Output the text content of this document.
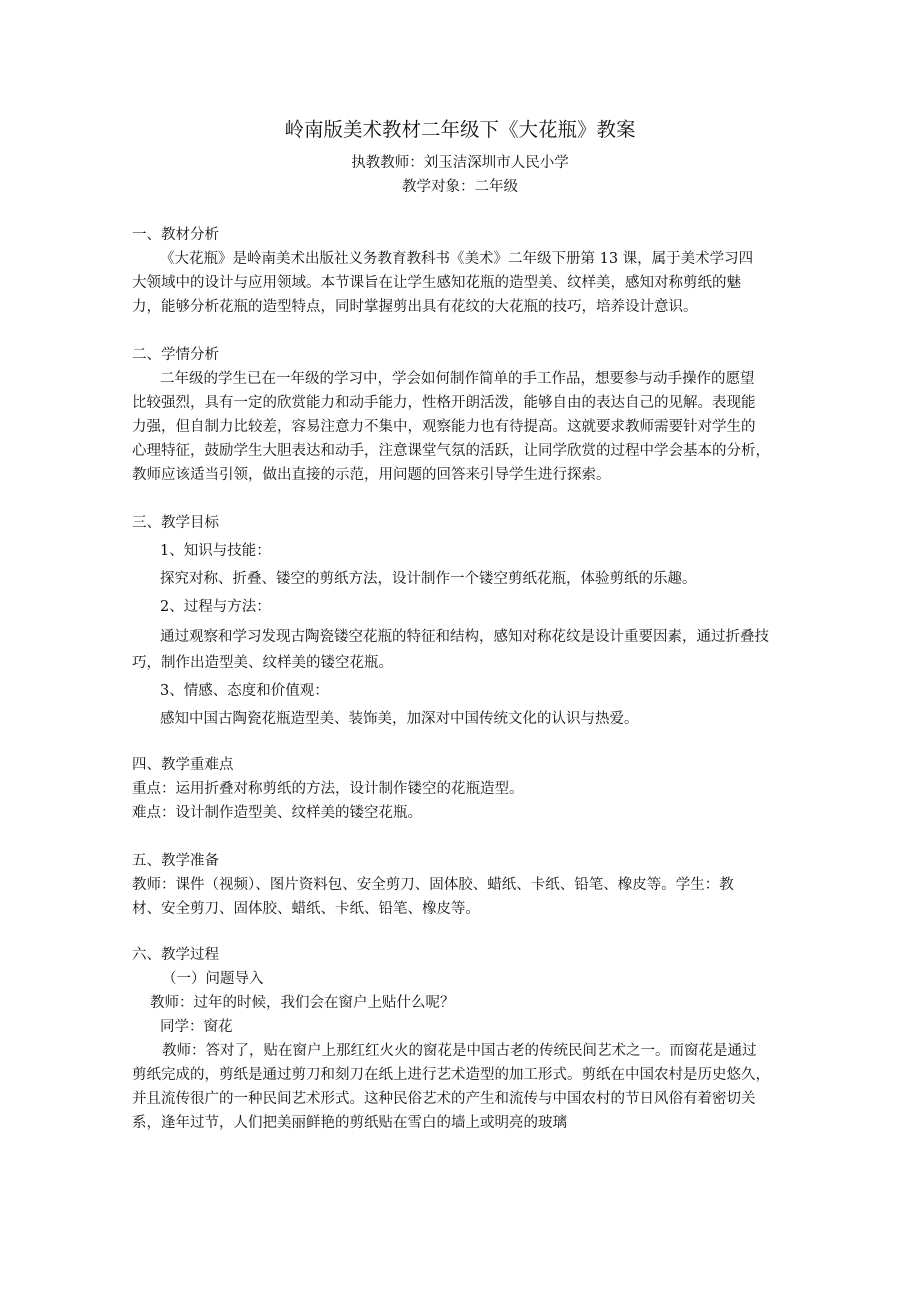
岭南版美术教材二年级下《大花瓶》教案
执教教师：刘玉洁深圳市人民小学
教学对象：二年级
一、教材分析
《大花瓶》是岭南美术出版社义务教育教科书《美术》二年级下册第 13 课，属于美术学习四
大领域中的设计与应用领域。本节课旨在让学生感知花瓶的造型美、纹样美，感知对称剪纸的魅
力，能够分析花瓶的造型特点，同时掌握剪出具有花纹的大花瓶的技巧，培养设计意识。
二、学情分析
二年级的学生已在一年级的学习中，学会如何制作简单的手工作品，想要参与动手操作的愿望
比较强烈，具有一定的欣赏能力和动手能力，性格开朗活泼，能够自由的表达自己的见解。表现能
力强，但自制力比较差，容易注意力不集中，观察能力也有待提高。这就要求教师需要针对学生的
心理特征，鼓励学生大胆表达和动手，注意课堂气氛的活跃，让同学欣赏的过程中学会基本的分析，
教师应该适当引领，做出直接的示范，用问题的回答来引导学生进行探索。
三、教学目标
1、知识与技能：
探究对称、折叠、镂空的剪纸方法，设计制作一个镂空剪纸花瓶，体验剪纸的乐趣。
2、过程与方法：
通过观察和学习发现古陶瓷镂空花瓶的特征和结构，感知对称花纹是设计重要因素，通过折叠技
巧，制作出造型美、纹样美的镂空花瓶。
3、情感、态度和价值观：
感知中国古陶瓷花瓶造型美、装饰美，加深对中国传统文化的认识与热爱。
四、教学重难点
重点：运用折叠对称剪纸的方法，设计制作镂空的花瓶造型。
难点：设计制作造型美、纹样美的镂空花瓶。
五、教学准备
教师：课件（视频）、图片资料包、安全剪刀、固体胶、蜡纸、卡纸、铅笔、橡皮等。学生：教
材、安全剪刀、固体胶、蜡纸、卡纸、铅笔、橡皮等。
六、教学过程
（一）问题导入
教师：过年的时候，我们会在窗户上贴什么呢？
同学：窗花
教师：答对了，贴在窗户上那红红火火的窗花是中国古老的传统民间艺术之一。而窗花是通过
剪纸完成的，剪纸是通过剪刀和刻刀在纸上进行艺术造型的加工形式。剪纸在中国农村是历史悠久，
并且流传很广的一种民间艺术形式。这种民俗艺术的产生和流传与中国农村的节日风俗有着密切关
系，逢年过节，人们把美丽鲜艳的剪纸贴在雪白的墙上或明亮的玻璃
